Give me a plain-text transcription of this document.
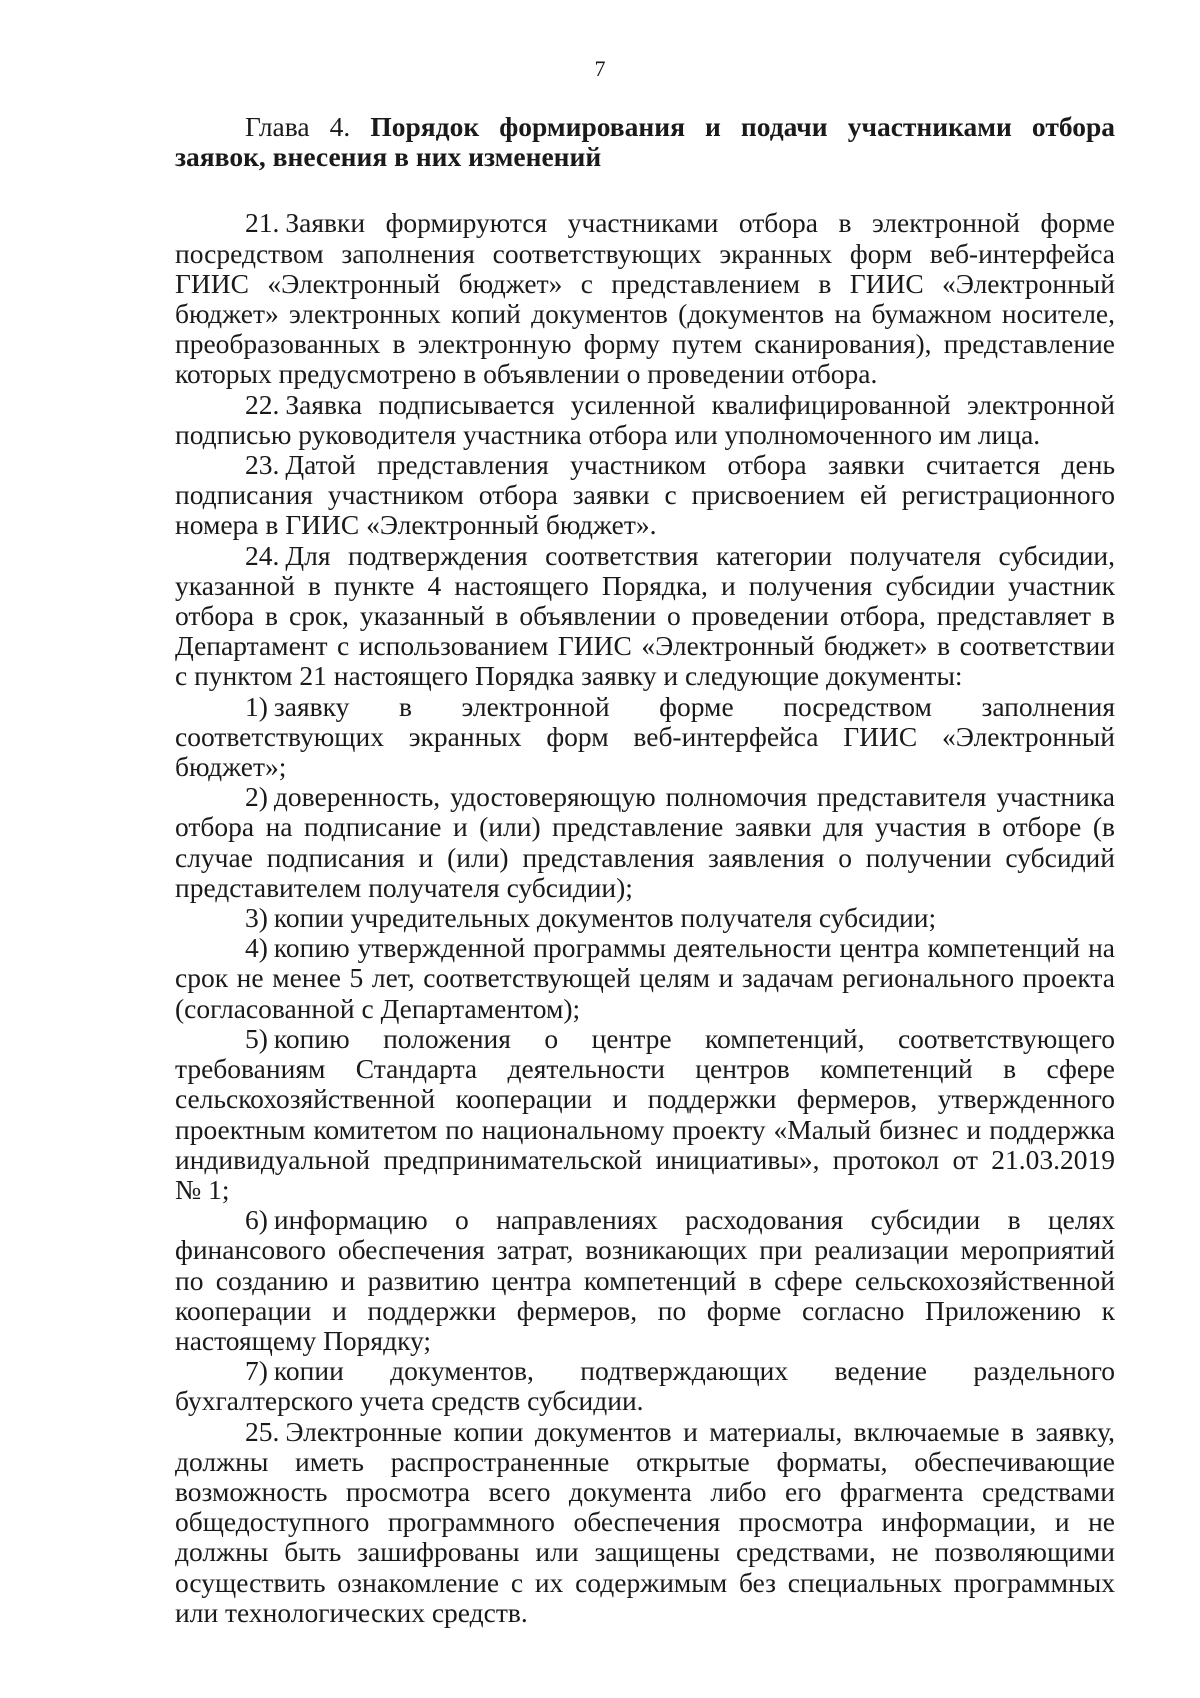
7

Глава 4. Порядок формирования и подачи участниками отбора заявок, внесения в них изменений

21. Заявки формируются участниками отбора в электронной форме посредством заполнения соответствующих экранных форм веб-интерфейса ГИИС «Электронный бюджет» с представлением в ГИИС «Электронный бюджет» электронных копий документов (документов на бумажном носителе, преобразованных в электронную форму путем сканирования), представление которых предусмотрено в объявлении о проведении отбора.

22. Заявка подписывается усиленной квалифицированной электронной подписью руководителя участника отбора или уполномоченного им лица.

23. Датой представления участником отбора заявки считается день подписания участником отбора заявки с присвоением ей регистрационного номера в ГИИС «Электронный бюджет».

24. Для подтверждения соответствия категории получателя субсидии, указанной в пункте 4 настоящего Порядка, и получения субсидии участник отбора в срок, указанный в объявлении о проведении отбора, представляет в Департамент с использованием ГИИС «Электронный бюджет» в соответствии с пунктом 21 настоящего Порядка заявку и следующие документы:

1) заявку в электронной форме посредством заполнения соответствующих экранных форм веб-интерфейса ГИИС «Электронный бюджет»;

2) доверенность, удостоверяющую полномочия представителя участника отбора на подписание и (или) представление заявки для участия в отборе (в случае подписания и (или) представления заявления о получении субсидий представителем получателя субсидии);

3) копии учредительных документов получателя субсидии;

4) копию утвержденной программы деятельности центра компетенций на срок не менее 5 лет, соответствующей целям и задачам регионального проекта (согласованной с Департаментом);

5) копию положения о центре компетенций, соответствующего требованиям Стандарта деятельности центров компетенций в сфере сельскохозяйственной кооперации и поддержки фермеров, утвержденного проектным комитетом по национальному проекту «Малый бизнес и поддержка индивидуальной предпринимательской инициативы», протокол от 21.03.2019 № 1;

6) информацию о направлениях расходования субсидии в целях финансового обеспечения затрат, возникающих при реализации мероприятий по созданию и развитию центра компетенций в сфере сельскохозяйственной кооперации и поддержки фермеров, по форме согласно Приложению к настоящему Порядку;

7) копии документов, подтверждающих ведение раздельного бухгалтерского учета средств субсидии.

25. Электронные копии документов и материалы, включаемые в заявку, должны иметь распространенные открытые форматы, обеспечивающие возможность просмотра всего документа либо его фрагмента средствами общедоступного программного обеспечения просмотра информации, и не должны быть зашифрованы или защищены средствами, не позволяющими осуществить ознакомление с их содержимым без специальных программных или технологических средств.
